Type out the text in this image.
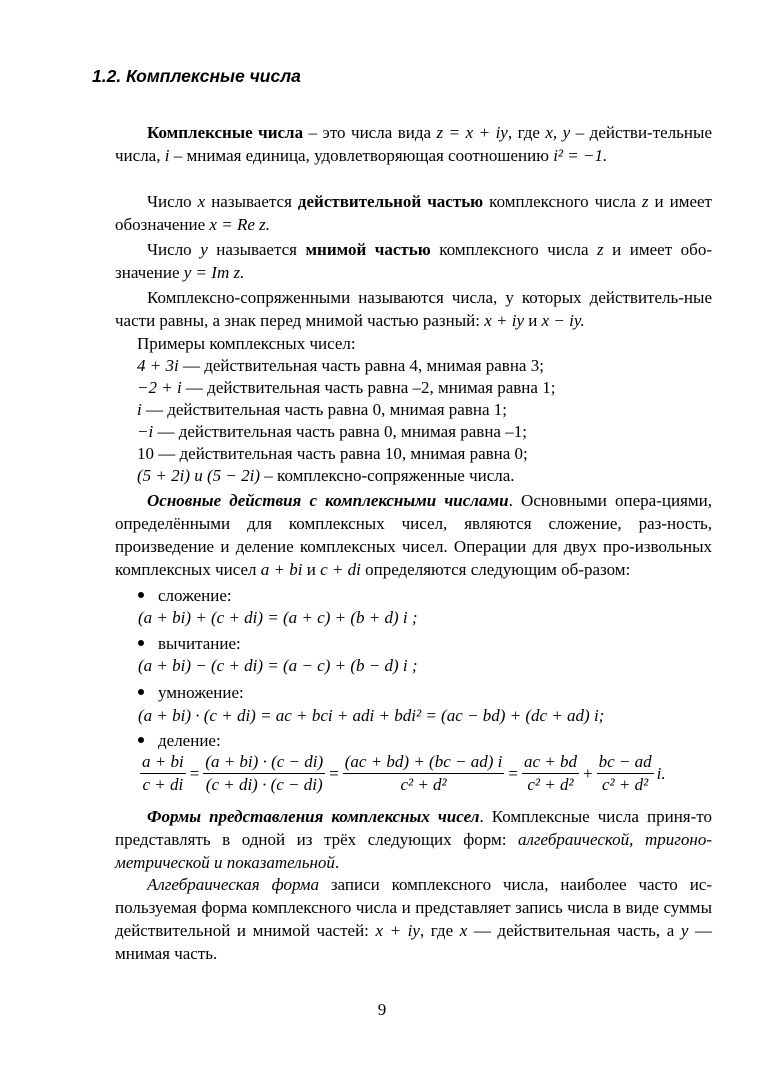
1.2. Комплексные числа
Комплексные числа – это числа вида z = x + iy, где x, y – действи-тельные числа, i – мнимая единица, удовлетворяющая соотношению i² = −1.
Число x называется действительной частью комплексного числа z и имеет обозначение x = Re z.
Число y называется мнимой частью комплексного числа z и имеет обо-значение y = Im z.
Комплексно-сопряженными называются числа, у которых действитель-ные части равны, а знак перед мнимой частью разный: x + iy и x − iy.
Примеры комплексных чисел:
4 + 3i — действительная часть равна 4, мнимая равна 3;
−2 + i — действительная часть равна –2, мнимая равна 1;
i — действительная часть равна 0, мнимая равна 1;
−i — действительная часть равна 0, мнимая равна –1;
10 — действительная часть равна 10, мнимая равна 0;
(5 + 2i) и (5 − 2i) – комплексно-сопряженные числа.
Основные действия с комплексными числами. Основными опера-циями, определёнными для комплексных чисел, являются сложение, раз-ность, произведение и деление комплексных чисел. Операции для двух про-извольных комплексных чисел a + bi и c + di определяются следующим об-разом:
сложение:
(a + bi) + (c + di) = (a + c) + (b + d) i ;
вычитание:
(a + bi) − (c + di) = (a − c) + (b − d) i ;
умножение:
(a + bi) · (c + di) = ac + bci + adi + bdi² = (ac − bd) + (dc + ad) i;
деление:
$\frac{a + bi}{c + di} = \frac{(a + bi) \cdot (c - di)}{(c + di) \cdot (c - di)} = \frac{(ac + bd) + (bc - ad) i}{\text{c² + d²}} = \frac{ac + bd}{\text{c² + d²}} + \frac{bc - ad}{\text{c² + d²}} i$.
Формы представления комплексных чисел. Комплексные числа приня-то представлять в одной из трёх следующих форм: алгебраической, тригоно-метрической и показательной.
Алгебраическая форма записи комплексного числа, наиболее часто ис-пользуемая форма комплексного числа и представляет запись числа в виде суммы действительной и мнимой частей: x + iy, где x — действительная часть, а y — мнимая часть.
9
